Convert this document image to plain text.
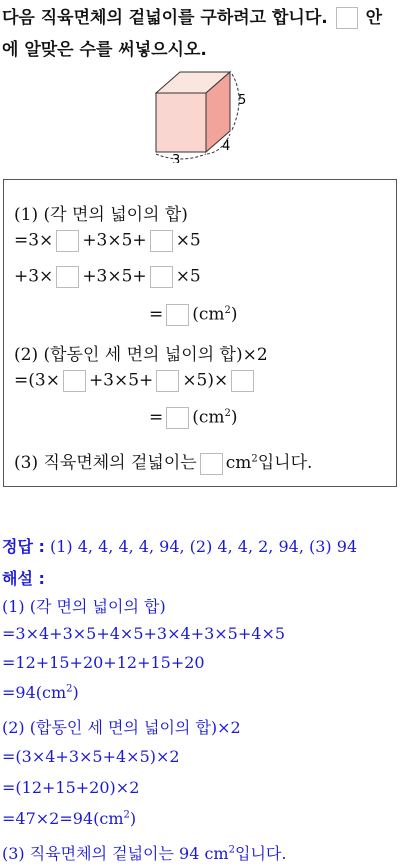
다음 직육면체의 겉넓이를 구하려고 합니다. 안
에 알맞은 수를 써넣으시오.
5
4
3
(1) (각 면의 넓이의 합)
=3× +3×5+ ×5
+3× +3×5+ ×5
= $(cm^2)$
(2) (합동인 세 면의 넓이의 합)×2
=(3× +3×5+ ×5)×
= $(cm^2)$
(3) 직육면체의 겉넓이는 $cm^2$입니다.
정답 : (1) 4, 4, 4, 4, 94, (2) 4, 4, 2, 94, (3) 94
해설 :
(1) (각 면의 넓이의 합)
=3×4+3×5+4×5+3×4+3×5+4×5
=12+15+20+12+15+20
$=94(cm^2)$
(2) (합동인 세 면의 넓이의 합)×2
=(3×4+3×5+4×5)×2
=(12+15+20)×2
$=47\times 2=94(cm^2)$
(3) 직육면체의 겉넓이는 94 $cm^2$입니다.
